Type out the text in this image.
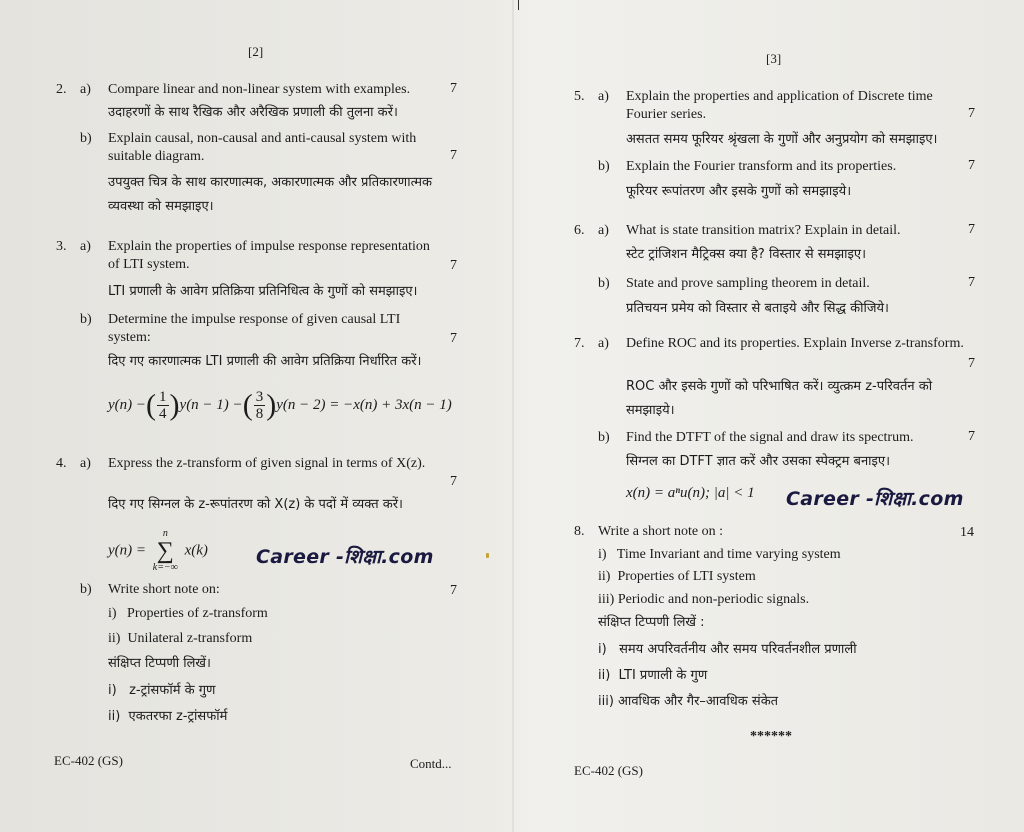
[2]
2. a) Compare linear and non-linear system with examples.	7
उदाहरणों के साथ रैखिक और अरैखिक प्रणाली की तुलना करें।
b) Explain causal, non-causal and anti-causal system with
suitable diagram.	7
उपयुक्त चित्र के साथ कारणात्मक, अकारणात्मक और प्रतिकारणात्मक
व्यवस्था को समझाइए।
3. a) Explain the properties of impulse response representation
of LTI system.	7
LTI प्रणाली के आवेग प्रतिक्रिया प्रतिनिधित्व के गुणों को समझाइए।
b) Determine the impulse response of given causal LTI
system:	7
दिए गए कारणात्मक LTI प्रणाली की आवेग प्रतिक्रिया निर्धारित करें।
y(n) −( $\frac{1}{4} )y(n - 1)$ −( $\frac{3}{8} )y(n - 2) = -x(n) + 3x(n - 1)$
4. a) Express the z-transform of given signal in terms of X(z).
7
दिए गए सिग्नल के z-रूपांतरण को X(z) के पदों में व्यक्त करें।
y(n) =
n
∑
k=−∞
x(k)	Career -शिक्षा.com
b) Write short note on:	7
i)   Properties of z-transform
ii)  Unilateral z-transform
संक्षिप्त टिप्पणी लिखें।
i)   z-ट्रांसफॉर्म के गुण
ii)  एकतरफा z-ट्रांसफॉर्म
EC-402 (GS)	Contd...
[3]
5. a) Explain the properties and application of Discrete time
Fourier series.	7
असतत समय फूरियर श्रृंखला के गुणों और अनुप्रयोग को समझाइए।
b) Explain the Fourier transform and its properties.	7
फूरियर रूपांतरण और इसके गुणों को समझाइये।
6. a) What is state transition matrix? Explain in detail.	7
स्टेट ट्रांजिशन मैट्रिक्स क्या है? विस्तार से समझाइए।
b) State and prove sampling theorem in detail.	7
प्रतिचयन प्रमेय को विस्तार से बताइये और सिद्ध कीजिये।
7. a) Define ROC and its properties. Explain Inverse z-transform.
7
ROC और इसके गुणों को परिभाषित करें। व्युत्क्रम z-परिवर्तन को
समझाइये।
b) Find the DTFT of the signal and draw its spectrum.	7
सिग्नल का DTFT ज्ञात करें और उसका स्पेक्ट्रम बनाइए।
x(n) = aⁿu(n); |a| < 1 Career -शिक्षा.com
8. Write a short note on :	14
i)   Time Invariant and time varying system
ii)  Properties of LTI system
iii) Periodic and non-periodic signals.
संक्षिप्त टिप्पणी लिखें :
i)   समय अपरिवर्तनीय और समय परिवर्तनशील प्रणाली
ii)  LTI प्रणाली के गुण
iii) आवधिक और गैर–आवधिक संकेत
******
EC-402 (GS)
